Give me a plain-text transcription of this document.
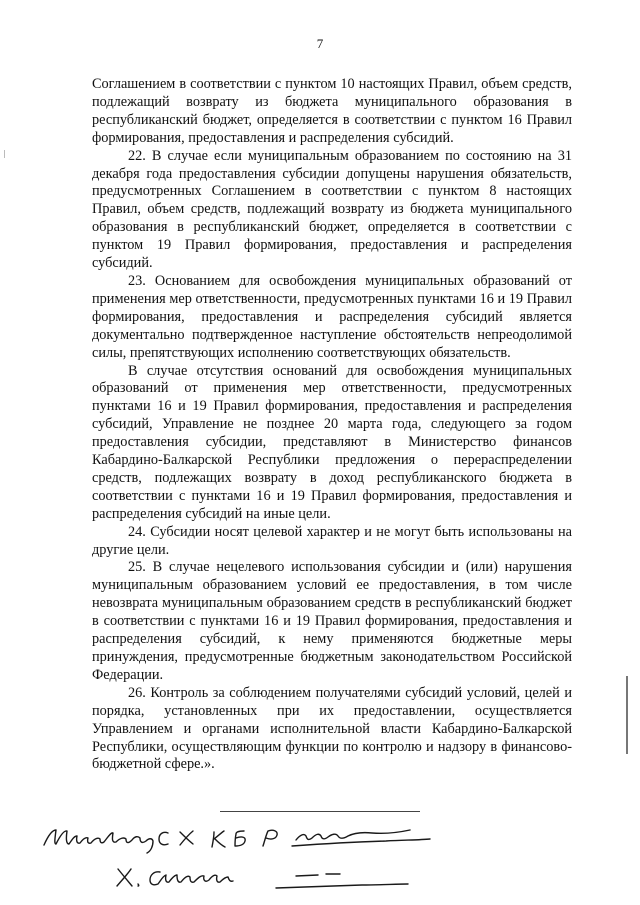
7

Соглашением в соответствии с пунктом 10 настоящих Правил, объем средств, подлежащий возврату из бюджета муниципального образования в республиканский бюджет, определяется в соответствии с пунктом 16 Правил формирования, предоставления и распределения субсидий.

22. В случае если муниципальным образованием по состоянию на 31 декабря года предоставления субсидии допущены нарушения обязательств, предусмотренных Соглашением в соответствии с пунктом 8 настоящих Правил, объем средств, подлежащий возврату из бюджета муниципального образования в республиканский бюджет, определяется в соответствии с пунктом 19 Правил формирования, предоставления и распределения субсидий.

23. Основанием для освобождения муниципальных образований от применения мер ответственности, предусмотренных пунктами 16 и 19 Правил формирования, предоставления и распределения субсидий является документально подтвержденное наступление обстоятельств непреодолимой силы, препятствующих исполнению соответствующих обязательств.

В случае отсутствия оснований для освобождения муниципальных образований от применения мер ответственности, предусмотренных пунктами 16 и 19 Правил формирования, предоставления и распределения субсидий, Управление не позднее 20 марта года, следующего за годом предоставления субсидии, представляют в Министерство финансов Кабардино-Балкарской Республики предложения о перераспределении средств, подлежащих возврату в доход республиканского бюджета в соответствии с пунктами 16 и 19 Правил формирования, предоставления и распределения субсидий на иные цели.

24. Субсидии носят целевой характер и не могут быть использованы на другие цели.

25. В случае нецелевого использования субсидии и (или) нарушения муниципальным образованием условий ее предоставления, в том числе невозврата муниципальным образованием средств в республиканский бюджет в соответствии с пунктами 16 и 19 Правил формирования, предоставления и распределения субсидий, к нему применяются бюджетные меры принуждения, предусмотренные бюджетным законодательством Российской Федерации.

26. Контроль за соблюдением получателями субсидий условий, целей и порядка, установленных при их предоставлении, осуществляется Управлением и органами исполнительной власти Кабардино-Балкарской Республики, осуществляющим функции по контролю и надзору в финансово-бюджетной сфере.».
